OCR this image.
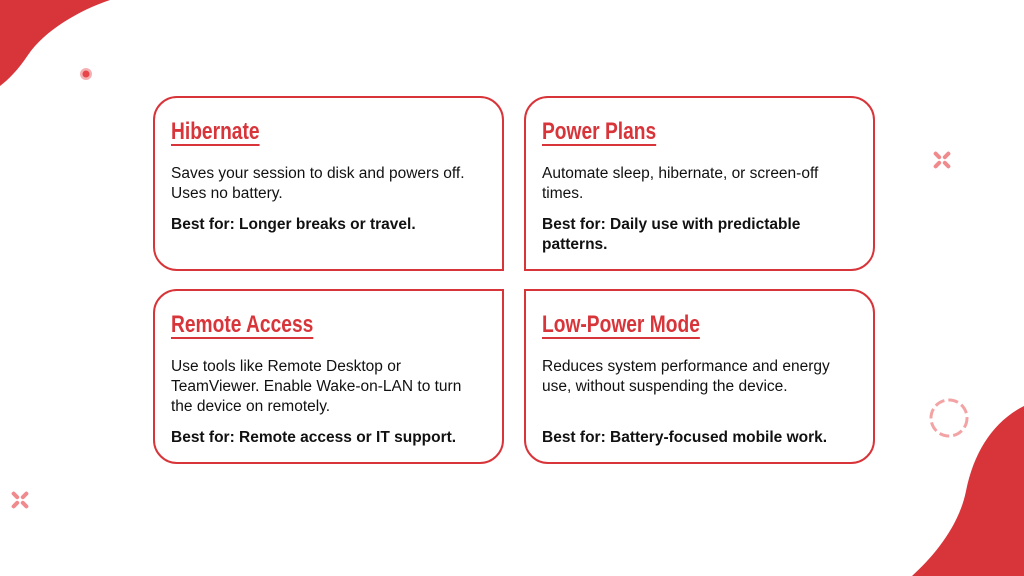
Hibernate

Saves your session to disk and powers off. Uses no battery.

Best for: Longer breaks or travel.

Power Plans

Automate sleep, hibernate, or screen-off times.

Best for: Daily use with predictable patterns.

Remote Access

Use tools like Remote Desktop or TeamViewer. Enable Wake-on-LAN to turn the device on remotely.

Best for: Remote access or IT support.

Low-Power Mode

Reduces system performance and energy use, without suspending the device.

Best for: Battery-focused mobile work.
